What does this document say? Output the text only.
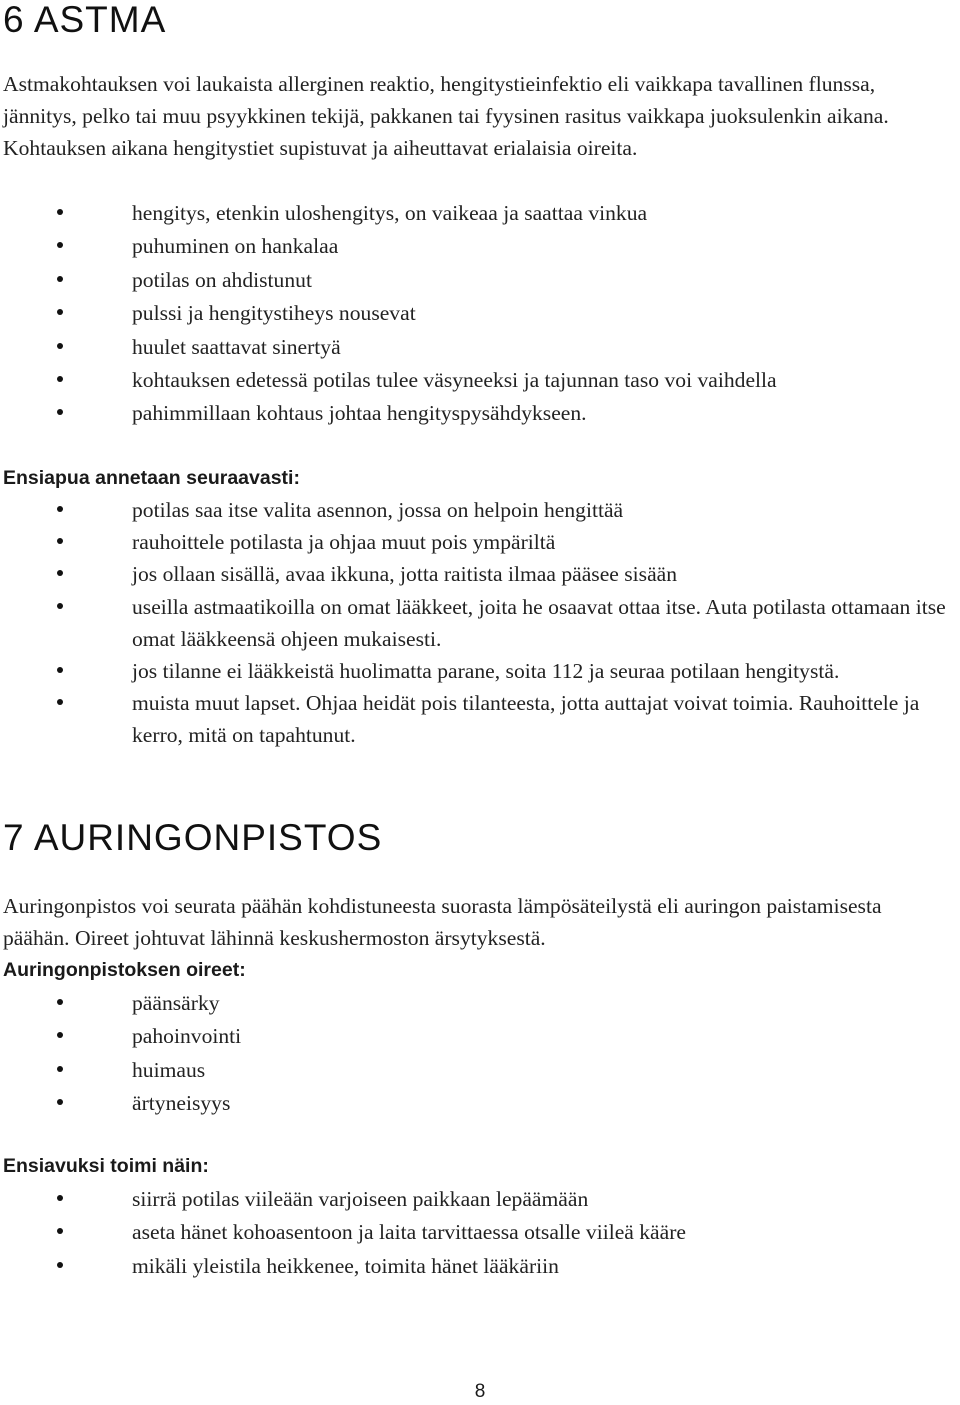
6 ASTMA

Astmakohtauksen voi laukaista allerginen reaktio, hengitystieinfektio eli vaikkapa tavallinen flunssa, jännitys, pelko tai muu psyykkinen tekijä, pakkanen tai fyysinen rasitus vaikkapa juoksulenkin aikana. Kohtauksen aikana hengitystiet supistuvat ja aiheuttavat erialaisia oireita.

hengitys, etenkin uloshengitys, on vaikeaa ja saattaa vinkua
puhuminen on hankalaa
potilas on ahdistunut
pulssi ja hengitystiheys nousevat
huulet saattavat sinertyä
kohtauksen edetessä potilas tulee väsyneeksi ja tajunnan taso voi vaihdella
pahimmillaan kohtaus johtaa hengityspysähdykseen.
Ensiapua annetaan seuraavasti:
potilas saa itse valita asennon, jossa on helpoin hengittää
rauhoittele potilasta ja ohjaa muut pois ympäriltä
jos ollaan sisällä, avaa ikkuna, jotta raitista ilmaa pääsee sisään
useilla astmaatikoilla on omat lääkkeet, joita he osaavat ottaa itse. Auta potilasta ottamaan itse omat lääkkeensä ohjeen mukaisesti.
jos tilanne ei lääkkeistä huolimatta parane, soita 112 ja seuraa potilaan hengitystä.
muista muut lapset. Ohjaa heidät pois tilanteesta, jotta auttajat voivat toimia. Rauhoittele ja kerro, mitä on tapahtunut.
7 AURINGONPISTOS

Auringonpistos voi seurata päähän kohdistuneesta suorasta lämpösäteilystä eli auringon paistamisesta päähän. Oireet johtuvat lähinnä keskushermoston ärsytyksestä.

Auringonpistoksen oireet:
päänsärky
pahoinvointi
huimaus
ärtyneisyys
Ensiavuksi toimi näin:
siirrä potilas viileään varjoiseen paikkaan lepäämään
aseta hänet kohoasentoon ja laita tarvittaessa otsalle viileä kääre
mikäli yleistila heikkenee, toimita hänet lääkäriin

8
